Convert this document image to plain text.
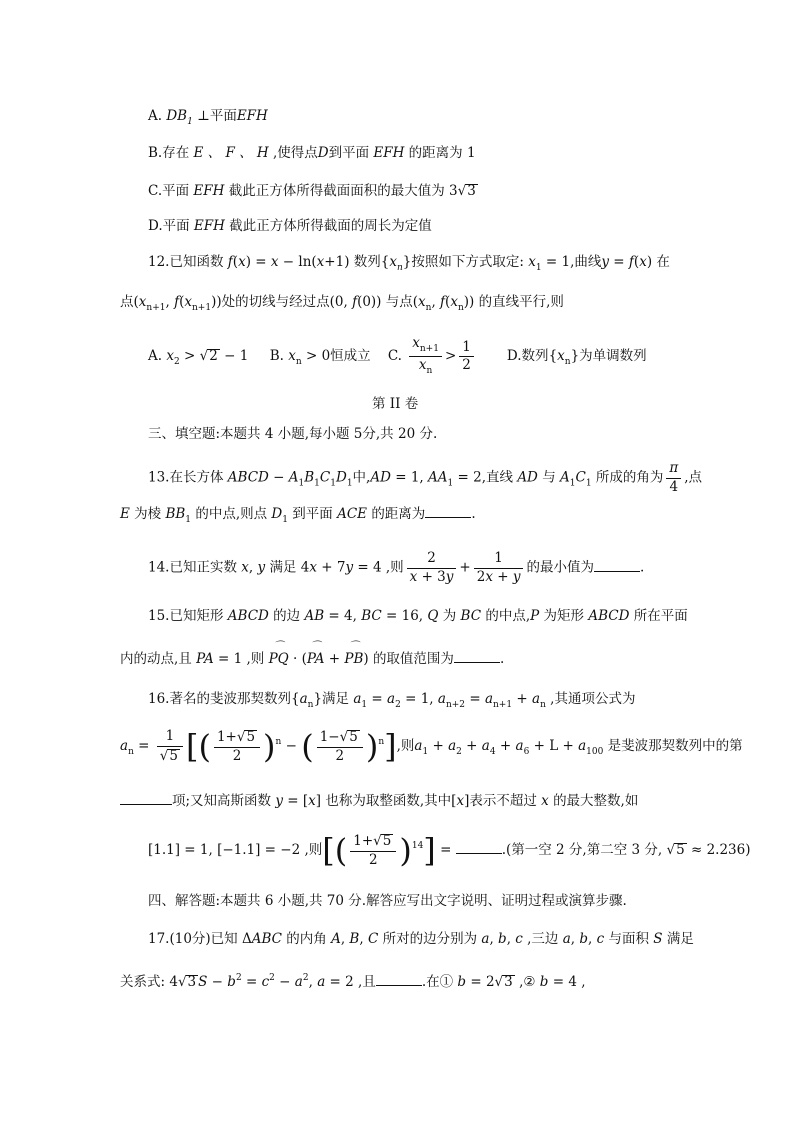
A. $DB_1$ ⊥平面EFH
B.存在 E 、 F 、 H ,使得点D到平面 EFH 的距离为 1
C.平面 EFH 截此正方体所得截面面积的最大值为 3√3
D.平面 EFH 截此正方体所得截面的周长为定值
12.已知函数 f(x) = x − ln(x+1) 数列$\{x_n\}$按照如下方式取定: $x_1 = 1$,曲线y = f(x) 在
点($x_{n+1}$, $f(x_{n+1})$)处的切线与经过点(0, f(0)) 与点($x_n$, $f(x_n)$) 的直线平行,则
A. $x_2 > √2 - 1$     B. $x_n > 0$恒成立    C. $\frac{x_{n+1}}{x_n} > \frac{1}{2} D$.数列$\{x_n\}$为单调数列
第 II 卷
三、填空题:本题共 4 小题,每小题 5分,共 20 分.
13.在长方体 ABCD − $A_1B_1C_1D_1$中,AD = 1, $AA_1 = 2$,直线 AD 与 $A_1C_1$ 所成的角为 $\frac{\pi}{4}$ ,点
E 为棱 $BB_1$ 的中点,则点 $D_1$ 到平面 ACE 的距离为	.
14.已知正实数 x, y 满足 4x + 7y = 4 ,则 $\frac{2}{x + 3y} + \frac{1}{2x + y}$ 的最小值为	.
15.已知矩形 ABCD 的边 AB = 4, BC = 16, Q 为 BC 的中点,P 为矩形 ABCD 所在平面
内的动点,且 PA = 1 ,则 ⌒ PQ · (⌒ PA + ⌒ PB) 的取值范围为	.
16.著名的斐波那契数列$\{a_n\}$满足 $a_1 = a_2 = 1$, $a_{n+2} = a_{n+1} + a_n$ ,其通项公式为
$a_n = \frac{1}{√5}$ [( $\frac{1+√5}{2} )^n$ − ( $\frac{1-√5}{2} )^n$],则$a_1 + a_2 + a_4 + a_6 + L + a_{100}$ 是斐波那契数列中的第
项;又知高斯函数 y = [x] 也称为取整函数,其中[x]表示不超过 x 的最大整数,如
[1.1] = 1, [−1.1] = −2 ,则[( $\frac{1+√5}{2} )^{14}$] =	.(第一空 2 分,第二空 3 分, √5 ≈ 2.236)
四、解答题:本题共 6 小题,共 70 分.解答应写出文字说明、证明过程或演算步骤.
17.(10分)已知 ΔABC 的内角 A, B, C 所对的边分别为 a, b, c ,三边 a, b, c 与面积 S 满足
关系式: 4√3 $S - b^2 = c^2 - a^2$, a = 2 ,且	.在① b = 2√3 ,② b = 4 ,
